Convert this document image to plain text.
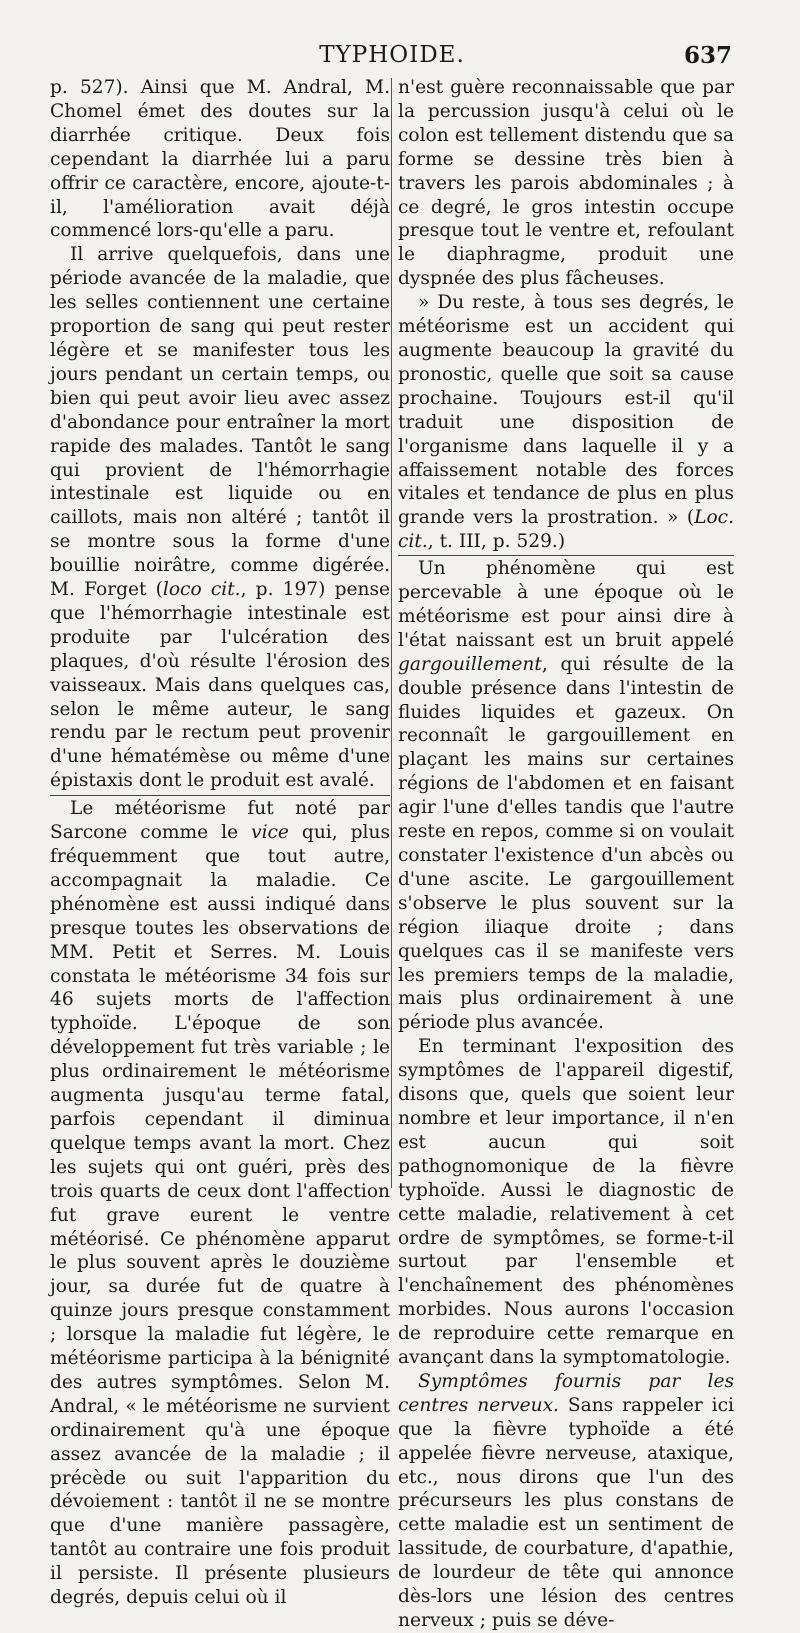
TYPHOIDE.	637

p. 527). Ainsi que M. Andral, M. Chomel émet des doutes sur la diarrhée critique. Deux fois cependant la diarrhée lui a paru offrir ce caractère, encore, ajoute-t-il, l'amélioration avait déjà commencé lors-qu'elle a paru.

Il arrive quelquefois, dans une période avancée de la maladie, que les selles contiennent une certaine proportion de sang qui peut rester légère et se manifester tous les jours pendant un certain temps, ou bien qui peut avoir lieu avec assez d'abondance pour entraîner la mort rapide des malades. Tantôt le sang qui provient de l'hémorrhagie intestinale est liquide ou en caillots, mais non altéré ; tantôt il se montre sous la forme d'une bouillie noirâtre, comme digérée. M. Forget (loco cit., p. 197) pense que l'hémorrhagie intestinale est produite par l'ulcération des plaques, d'où résulte l'érosion des vaisseaux. Mais dans quelques cas, selon le même auteur, le sang rendu par le rectum peut provenir d'une hématémèse ou même d'une épistaxis dont le produit est avalé.

Le météorisme fut noté par Sarcone comme le vice qui, plus fréquemment que tout autre, accompagnait la maladie. Ce phénomène est aussi indiqué dans presque toutes les observations de MM. Petit et Serres. M. Louis constata le météorisme 34 fois sur 46 sujets morts de l'affection typhoïde. L'époque de son développement fut très variable ; le plus ordinairement le météorisme augmenta jusqu'au terme fatal, parfois cependant il diminua quelque temps avant la mort. Chez les sujets qui ont guéri, près des trois quarts de ceux dont l'affection fut grave eurent le ventre météorisé. Ce phénomène apparut le plus souvent après le douzième jour, sa durée fut de quatre à quinze jours presque constamment ; lorsque la maladie fut légère, le météorisme participa à la bénignité des autres symptômes. Selon M. Andral, « le météorisme ne survient ordinairement qu'à une époque assez avancée de la maladie ; il précède ou suit l'apparition du dévoiement : tantôt il ne se montre que d'une manière passagère, tantôt au contraire une fois produit il persiste. Il présente plusieurs degrés, depuis celui où il

n'est guère reconnaissable que par la percussion jusqu'à celui où le colon est tellement distendu que sa forme se dessine très bien à travers les parois abdominales ; à ce degré, le gros intestin occupe presque tout le ventre et, refoulant le diaphragme, produit une dyspnée des plus fâcheuses.

» Du reste, à tous ses degrés, le météorisme est un accident qui augmente beaucoup la gravité du pronostic, quelle que soit sa cause prochaine. Toujours est-il qu'il traduit une disposition de l'organisme dans laquelle il y a affaissement notable des forces vitales et tendance de plus en plus grande vers la prostration. » (Loc. cit., t. III, p. 529.)

Un phénomène qui est percevable à une époque où le météorisme est pour ainsi dire à l'état naissant est un bruit appelé gargouillement, qui résulte de la double présence dans l'intestin de fluides liquides et gazeux. On reconnaît le gargouillement en plaçant les mains sur certaines régions de l'abdomen et en faisant agir l'une d'elles tandis que l'autre reste en repos, comme si on voulait constater l'existence d'un abcès ou d'une ascite. Le gargouillement s'observe le plus souvent sur la région iliaque droite ; dans quelques cas il se manifeste vers les premiers temps de la maladie, mais plus ordinairement à une période plus avancée.

En terminant l'exposition des symptômes de l'appareil digestif, disons que, quels que soient leur nombre et leur importance, il n'en est aucun qui soit pathognomonique de la fièvre typhoïde. Aussi le diagnostic de cette maladie, relativement à cet ordre de symptômes, se forme-t-il surtout par l'ensemble et l'enchaînement des phénomènes morbides. Nous aurons l'occasion de reproduire cette remarque en avançant dans la symptomatologie.

Symptômes fournis par les centres nerveux. Sans rappeler ici que la fièvre typhoïde a été appelée fièvre nerveuse, ataxique, etc., nous dirons que l'un des précurseurs les plus constans de cette maladie est un sentiment de lassitude, de courbature, d'apathie, de lourdeur de tête qui annonce dès-lors une lésion des centres nerveux ; puis se déve-
